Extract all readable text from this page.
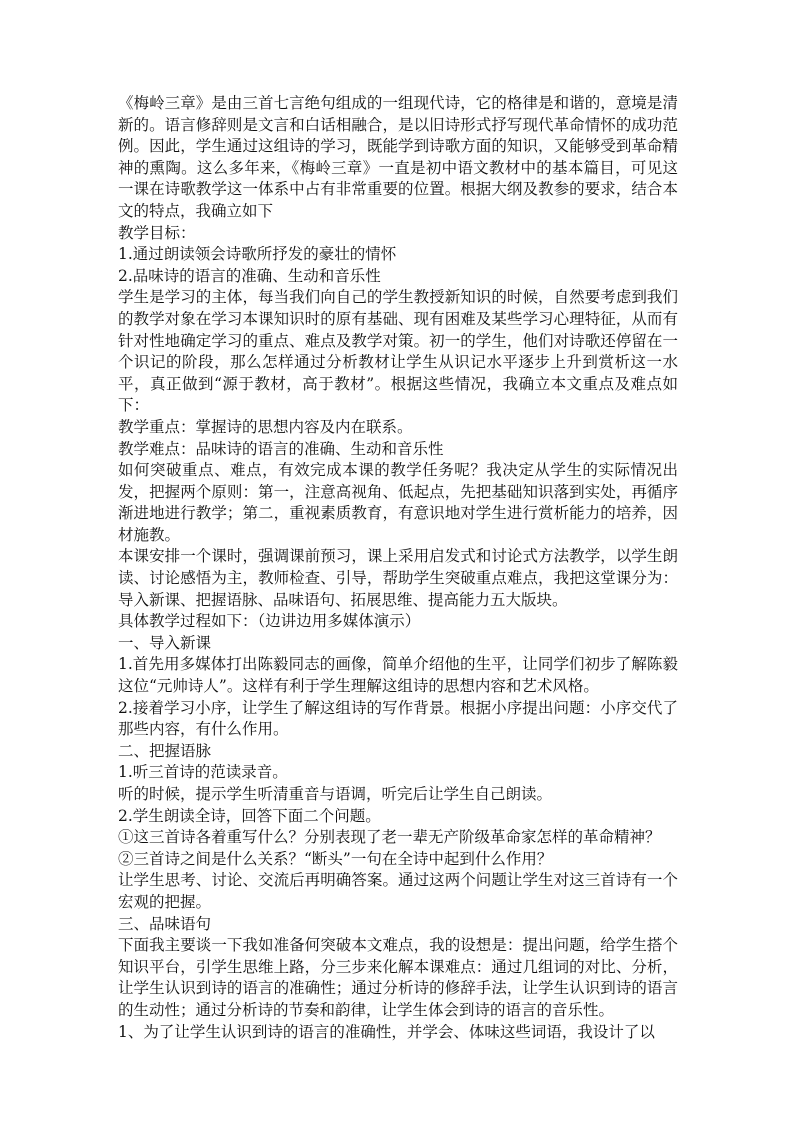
《梅岭三章》是由三首七言绝句组成的一组现代诗，它的格律是和谐的，意境是清新的。语言修辞则是文言和白话相融合，是以旧诗形式抒写现代革命情怀的成功范例。因此，学生通过这组诗的学习，既能学到诗歌方面的知识，又能够受到革命精神的熏陶。这么多年来，《梅岭三章》一直是初中语文教材中的基本篇目，可见这一课在诗歌教学这一体系中占有非常重要的位置。根据大纲及教参的要求，结合本文的特点，我确立如下

教学目标：

1.通过朗读领会诗歌所抒发的豪壮的情怀

2.品味诗的语言的准确、生动和音乐性

学生是学习的主体，每当我们向自己的学生教授新知识的时候，自然要考虑到我们的教学对象在学习本课知识时的原有基础、现有困难及某些学习心理特征，从而有针对性地确定学习的重点、难点及教学对策。初一的学生，他们对诗歌还停留在一个识记的阶段，那么怎样通过分析教材让学生从识记水平逐步上升到赏析这一水平，真正做到“源于教材，高于教材”。根据这些情况，我确立本文重点及难点如下：

教学重点：掌握诗的思想内容及内在联系。

教学难点：品味诗的语言的准确、生动和音乐性

如何突破重点、难点，有效完成本课的教学任务呢？我决定从学生的实际情况出发，把握两个原则：第一，注意高视角、低起点，先把基础知识落到实处，再循序渐进地进行教学；第二，重视素质教育，有意识地对学生进行赏析能力的培养，因材施教。

本课安排一个课时，强调课前预习，课上采用启发式和讨论式方法教学，以学生朗读、讨论感悟为主，教师检查、引导，帮助学生突破重点难点，我把这堂课分为：导入新课、把握语脉、品味语句、拓展思维、提高能力五大版块。

具体教学过程如下：（边讲边用多媒体演示）

一、导入新课

1.首先用多媒体打出陈毅同志的画像，简单介绍他的生平，让同学们初步了解陈毅这位“元帅诗人”。这样有利于学生理解这组诗的思想内容和艺术风格。

2.接着学习小序，让学生了解这组诗的写作背景。根据小序提出问题：小序交代了那些内容，有什么作用。

二、把握语脉

1.听三首诗的范读录音。

听的时候，提示学生听清重音与语调，听完后让学生自己朗读。

2.学生朗读全诗，回答下面二个问题。

①这三首诗各着重写什么？分别表现了老一辈无产阶级革命家怎样的革命精神？

②三首诗之间是什么关系？“断头”一句在全诗中起到什么作用？

让学生思考、讨论、交流后再明确答案。通过这两个问题让学生对这三首诗有一个宏观的把握。

三、品味语句

下面我主要谈一下我如准备何突破本文难点，我的设想是：提出问题，给学生搭个知识平台，引学生思维上路，分三步来化解本课难点：通过几组词的对比、分析，让学生认识到诗的语言的准确性；通过分析诗的修辞手法，让学生认识到诗的语言的生动性；通过分析诗的节奏和韵律，让学生体会到诗的语言的音乐性。

1、为了让学生认识到诗的语言的准确性，并学会、体味这些词语，我设计了以
